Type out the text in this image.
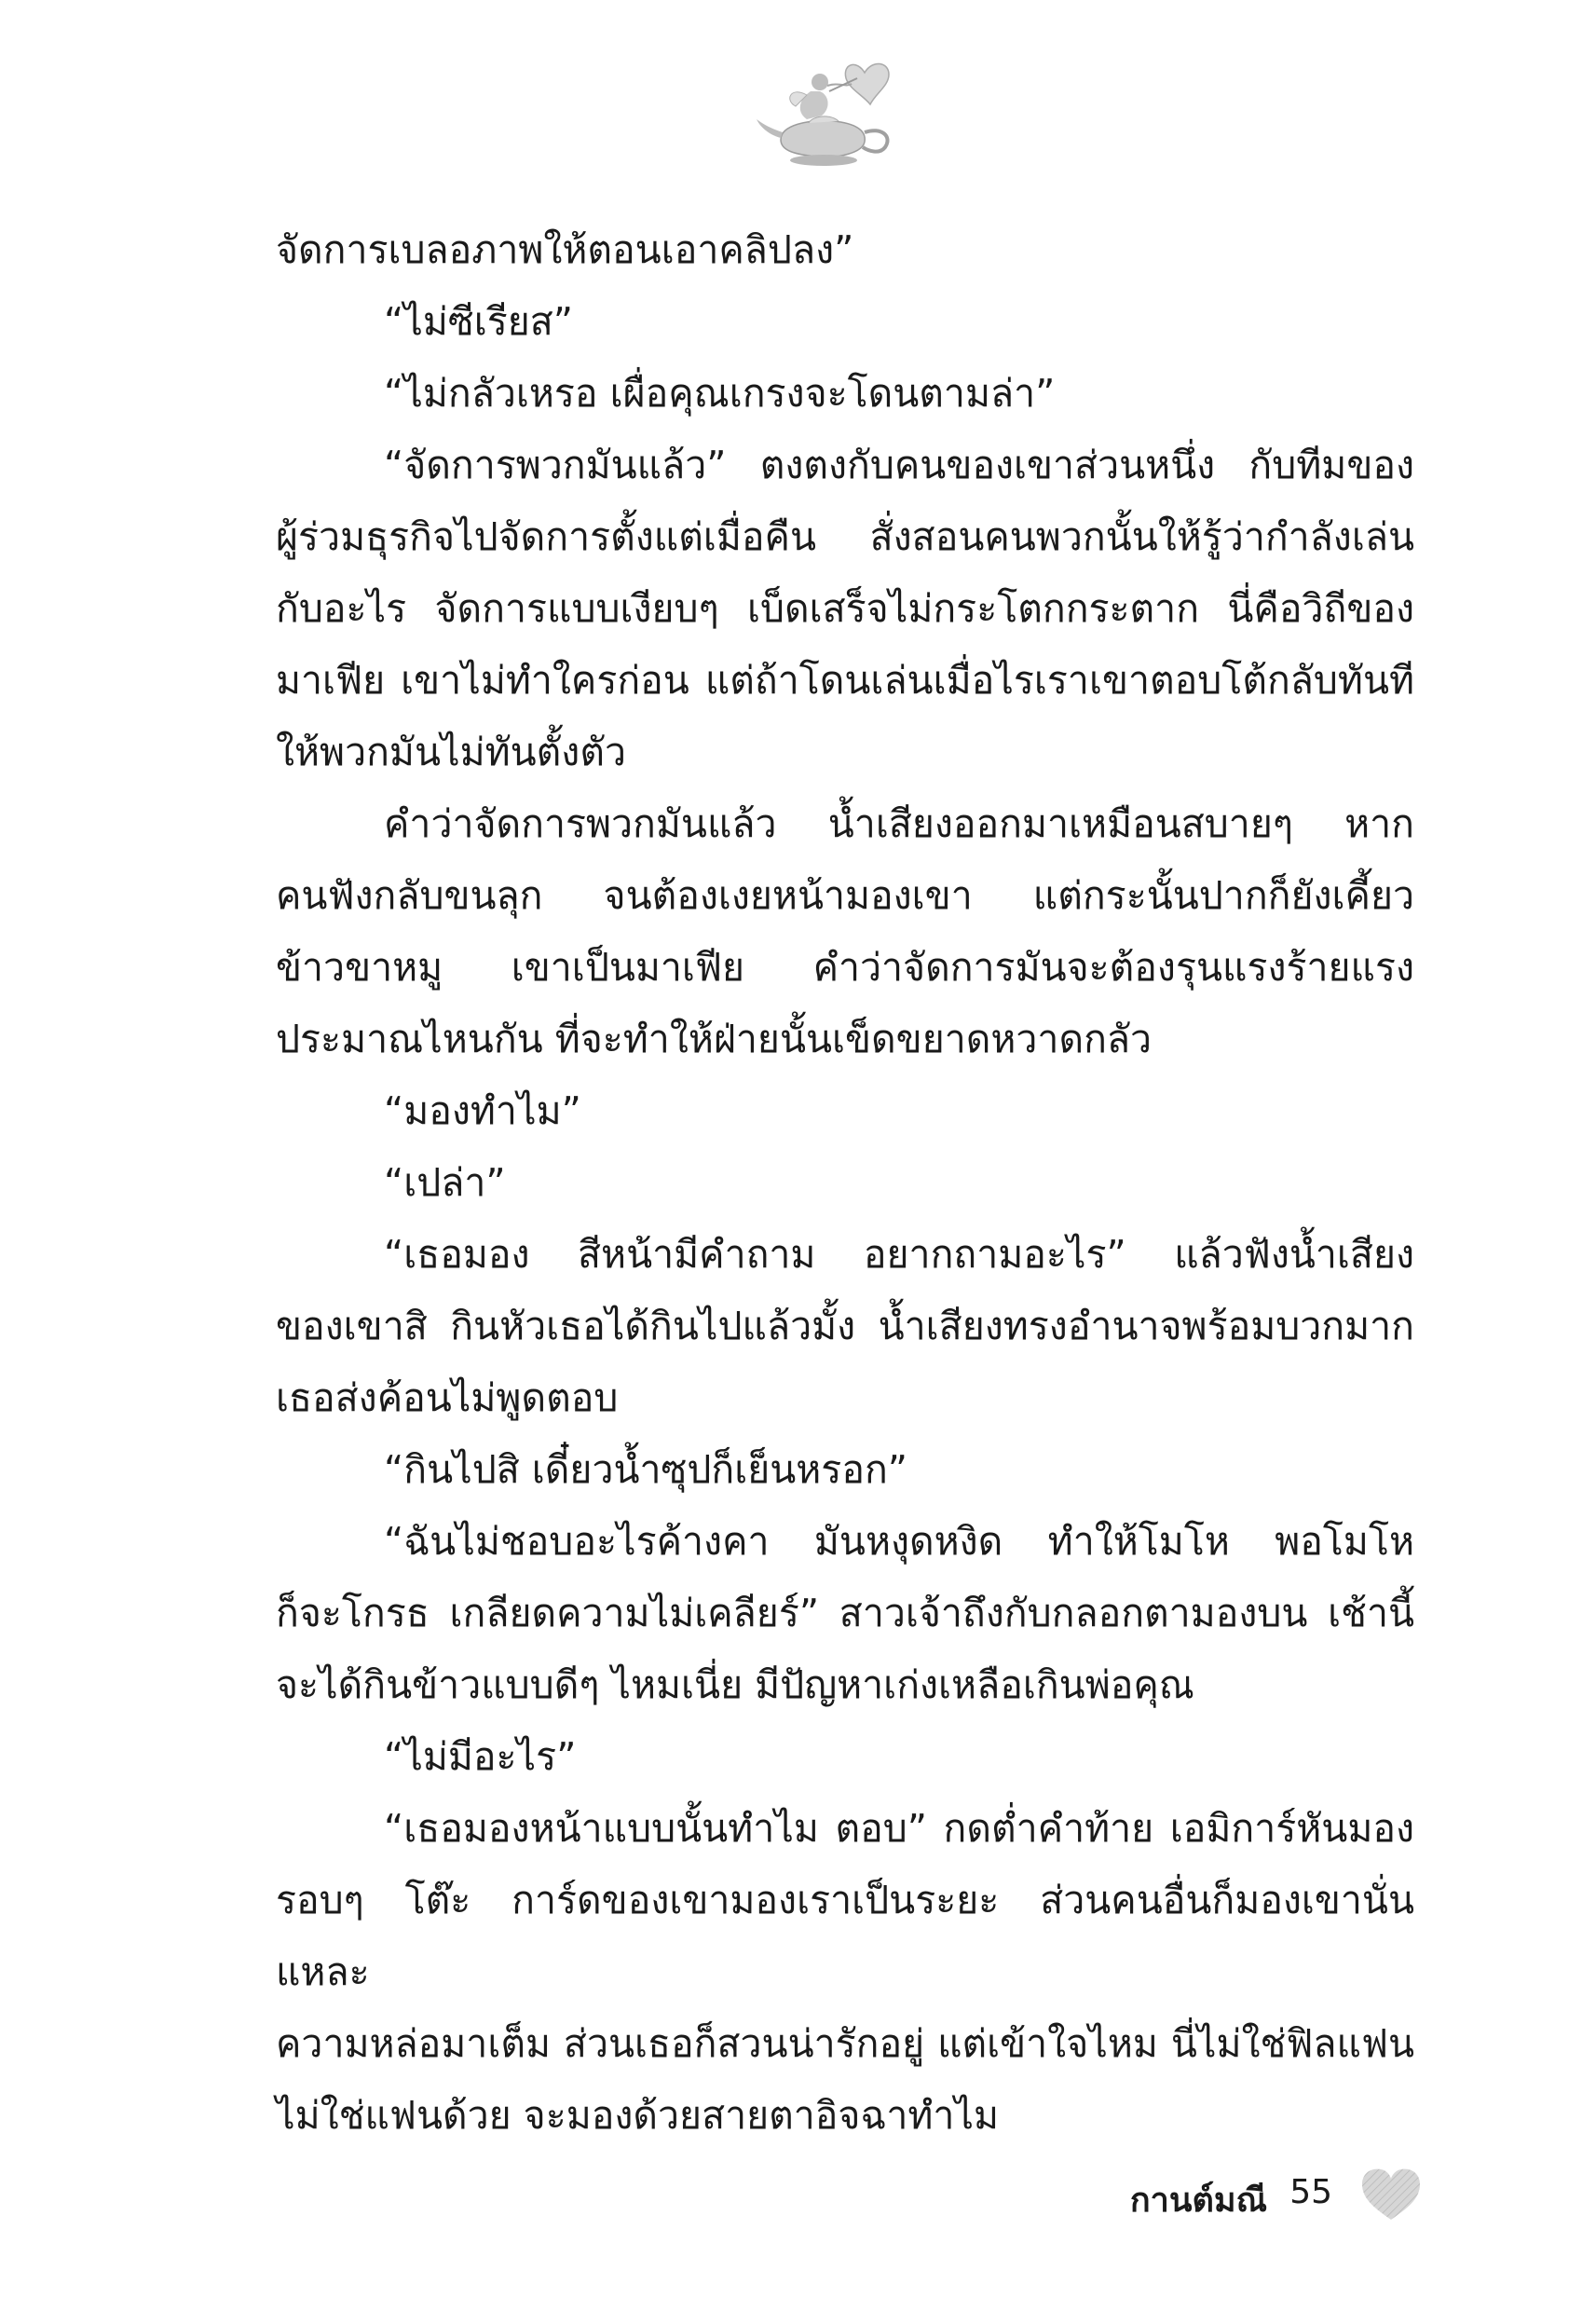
จัดการเบลอภาพให้ตอนเอาคลิปลง”

“ไม่ซีเรียส”

“ไม่กลัวเหรอ เผื่อคุณเกรงจะโดนตามล่า”

“จัดการพวกมันแล้ว” ตงตงกับคนของเขาส่วนหนึ่ง กับทีมของ

ผู้ร่วมธุรกิจไปจัดการตั้งแต่เมื่อคืน สั่งสอนคนพวกนั้นให้รู้ว่ากำลังเล่น

กับอะไร จัดการแบบเงียบๆ เบ็ดเสร็จไม่กระโตกกระตาก นี่คือวิถีของ

มาเฟีย เขาไม่ทำใครก่อน แต่ถ้าโดนเล่นเมื่อไรเราเขาตอบโต้กลับทันที

ให้พวกมันไม่ทันตั้งตัว

คำว่าจัดการพวกมันแล้ว น้ำเสียงออกมาเหมือนสบายๆ หาก

คนฟังกลับขนลุก จนต้องเงยหน้ามองเขา แต่กระนั้นปากก็ยังเคี้ยว

ข้าวขาหมู เขาเป็นมาเฟีย คำว่าจัดการมันจะต้องรุนแรงร้ายแรง

ประมาณไหนกัน ที่จะทำให้ฝ่ายนั้นเข็ดขยาดหวาดกลัว

“มองทำไม”

“เปล่า”

“เธอมอง สีหน้ามีคำถาม อยากถามอะไร” แล้วฟังน้ำเสียง

ของเขาสิ กินหัวเธอได้กินไปแล้วมั้ง น้ำเสียงทรงอำนาจพร้อมบวกมาก

เธอส่งค้อนไม่พูดตอบ

“กินไปสิ เดี๋ยวน้ำซุปก็เย็นหรอก”

“ฉันไม่ชอบอะไรค้างคา มันหงุดหงิด ทำให้โมโห พอโมโห

ก็จะโกรธ เกลียดความไม่เคลียร์” สาวเจ้าถึงกับกลอกตามองบน เช้านี้

จะได้กินข้าวแบบดีๆ ไหมเนี่ย มีปัญหาเก่งเหลือเกินพ่อคุณ

“ไม่มีอะไร”

“เธอมองหน้าแบบนั้นทำไม ตอบ” กดต่ำคำท้าย เอมิการ์หันมอง

รอบๆ โต๊ะ การ์ดของเขามองเราเป็นระยะ ส่วนคนอื่นก็มองเขานั่นแหละ

ความหล่อมาเต็ม ส่วนเธอก็สวนน่ารักอยู่ แต่เข้าใจไหม นี่ไม่ใช่ฟิลแฟน

ไม่ใช่แฟนด้วย จะมองด้วยสายตาอิจฉาทำไม

กานต์มณี 55
